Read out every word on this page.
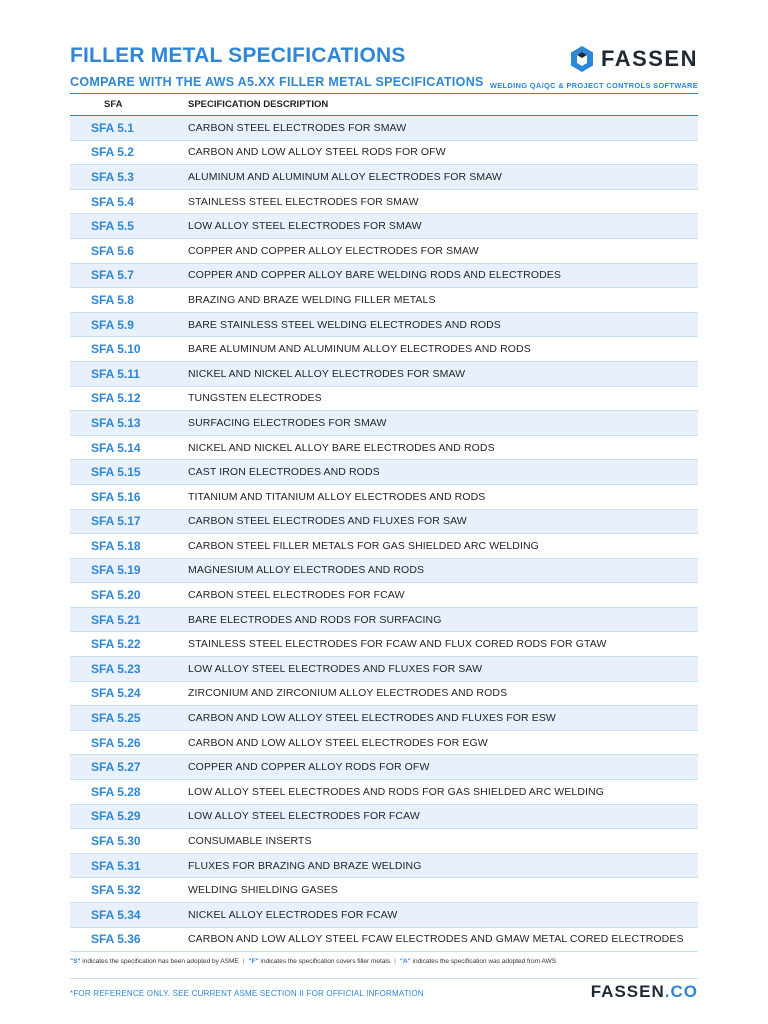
FILLER METAL SPECIFICATIONS
COMPARE WITH THE AWS A5.XX FILLER METAL SPECIFICATIONS
FASSEN
WELDING QA/QC & PROJECT CONTROLS SOFTWARE
SFA	SPECIFICATION DESCRIPTION
SFA 5.1	CARBON STEEL ELECTRODES FOR SMAW
SFA 5.2	CARBON AND LOW ALLOY STEEL RODS FOR OFW
SFA 5.3	ALUMINUM AND ALUMINUM ALLOY ELECTRODES FOR SMAW
SFA 5.4	STAINLESS STEEL ELECTRODES FOR SMAW
SFA 5.5	LOW ALLOY STEEL ELECTRODES FOR SMAW
SFA 5.6	COPPER AND COPPER ALLOY ELECTRODES FOR SMAW
SFA 5.7	COPPER AND COPPER ALLOY BARE WELDING RODS AND ELECTRODES
SFA 5.8	BRAZING AND BRAZE WELDING FILLER METALS
SFA 5.9	BARE STAINLESS STEEL WELDING ELECTRODES AND RODS
SFA 5.10	BARE ALUMINUM AND ALUMINUM ALLOY ELECTRODES AND RODS
SFA 5.11	NICKEL AND NICKEL ALLOY ELECTRODES FOR SMAW
SFA 5.12	TUNGSTEN ELECTRODES
SFA 5.13	SURFACING ELECTRODES FOR SMAW
SFA 5.14	NICKEL AND NICKEL ALLOY BARE ELECTRODES AND RODS
SFA 5.15	CAST IRON ELECTRODES AND RODS
SFA 5.16	TITANIUM AND TITANIUM ALLOY ELECTRODES AND RODS
SFA 5.17	CARBON STEEL ELECTRODES AND FLUXES FOR SAW
SFA 5.18	CARBON STEEL FILLER METALS FOR GAS SHIELDED ARC WELDING
SFA 5.19	MAGNESIUM ALLOY ELECTRODES AND RODS
SFA 5.20	CARBON STEEL ELECTRODES FOR FCAW
SFA 5.21	BARE ELECTRODES AND RODS FOR SURFACING
SFA 5.22	STAINLESS STEEL ELECTRODES FOR FCAW AND FLUX CORED RODS FOR GTAW
SFA 5.23	LOW ALLOY STEEL ELECTRODES AND FLUXES FOR SAW
SFA 5.24	ZIRCONIUM AND ZIRCONIUM ALLOY ELECTRODES AND RODS
SFA 5.25	CARBON AND LOW ALLOY STEEL ELECTRODES AND FLUXES FOR ESW
SFA 5.26	CARBON AND LOW ALLOY STEEL ELECTRODES FOR EGW
SFA 5.27	COPPER AND COPPER ALLOY RODS FOR OFW
SFA 5.28	LOW ALLOY STEEL ELECTRODES AND RODS FOR GAS SHIELDED ARC WELDING
SFA 5.29	LOW ALLOY STEEL ELECTRODES FOR FCAW
SFA 5.30	CONSUMABLE INSERTS
SFA 5.31	FLUXES FOR BRAZING AND BRAZE WELDING
SFA 5.32	WELDING SHIELDING GASES
SFA 5.34	NICKEL ALLOY ELECTRODES FOR FCAW
SFA 5.36	CARBON AND LOW ALLOY STEEL FCAW ELECTRODES AND GMAW METAL CORED ELECTRODES
"S" indicates the specification has been adopted by ASME | "F" indicates the specification covers filler metals | "A" indicates the specification was adopted from AWS
*FOR REFERENCE ONLY. SEE CURRENT ASME SECTION II FOR OFFICIAL INFORMATION	FASSEN.CO
